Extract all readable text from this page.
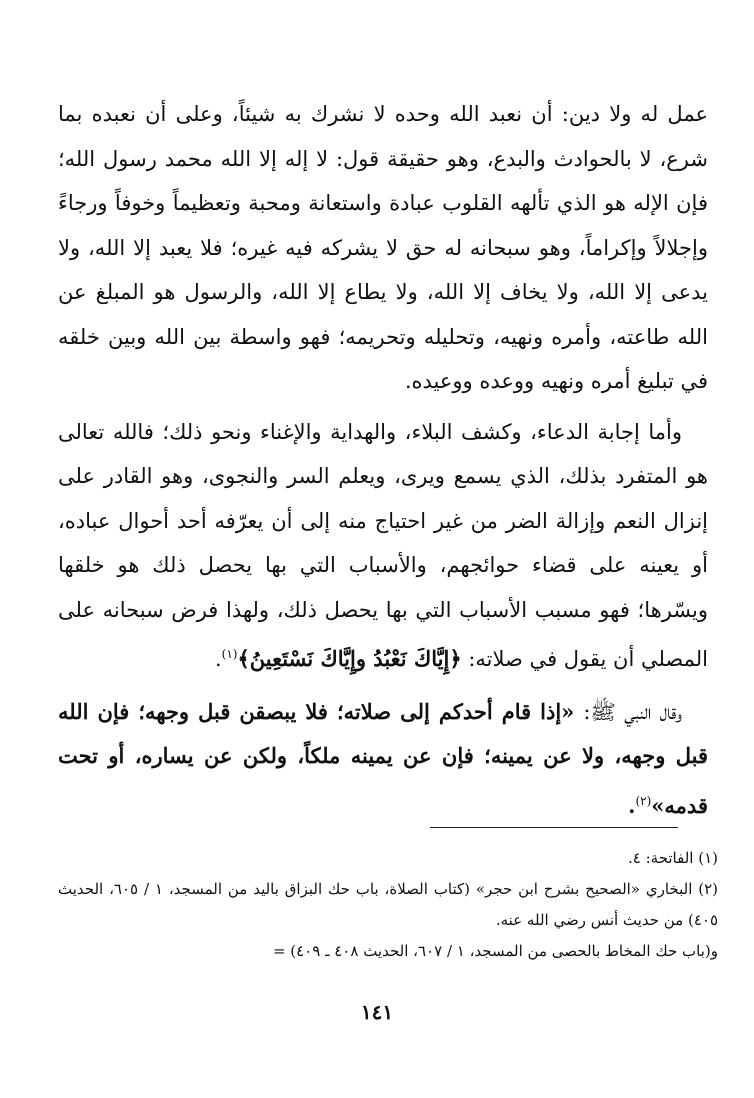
عمل له ولا دين: أن نعبد الله وحده لا نشرك به شيئاً، وعلى أن نعبده بما شرع، لا بالحوادث والبدع، وهو حقيقة قول: لا إله إلا الله محمد رسول الله؛ فإن الإله هو الذي تألهه القلوب عبادة واستعانة ومحبة وتعظيماً وخوفاً ورجاءً وإجلالاً وإكراماً، وهو سبحانه له حق لا يشركه فيه غيره؛ فلا يعبد إلا الله، ولا يدعى إلا الله، ولا يخاف إلا الله، ولا يطاع إلا الله، والرسول هو المبلغ عن الله طاعته، وأمره ونهيه، وتحليله وتحريمه؛ فهو واسطة بين الله وبين خلقه في تبليغ أمره ونهيه ووعده ووعيده.

وأما إجابة الدعاء، وكشف البلاء، والهداية والإغناء ونحو ذلك؛ فالله تعالى هو المتفرد بذلك، الذي يسمع ويرى، ويعلم السر والنجوى، وهو القادر على إنزال النعم وإزالة الضر من غير احتياج منه إلى أن يعرّفه أحد أحوال عباده، أو يعينه على قضاء حوائجهم، والأسباب التي بها يحصل ذلك هو خلقها ويسّرها؛ فهو مسبب الأسباب التي بها يحصل ذلك، ولهذا فرض سبحانه على المصلي أن يقول في صلاته: ﴿إِيَّاكَ نَعْبُدُ وإِيَّاكَ نَسْتَعِينُ﴾$^{(١)}$.

وقال النبي ﷺ: «إذا قام أحدكم إلى صلاته؛ فلا يبصقن قبل وجهه؛ فإن الله قبل وجهه، ولا عن يمينه؛ فإن عن يمينه ملكاً، ولكن عن يساره، أو تحت قدمه»$^{(٢)}$.

(١) الفاتحة: ٤.

(٢) البخاري «الصحيح بشرح ابن حجر» (كتاب الصلاة، باب حك البزاق باليد من المسجد، ١ / ٦٠٥، الحديث ٤٠٥) من حديث أنس رضي الله عنه.

و(باب حك المخاط بالحصى من المسجد، ١ / ٦٠٧، الحديث ٤٠٨ ـ ٤٠٩) =

١٤١
